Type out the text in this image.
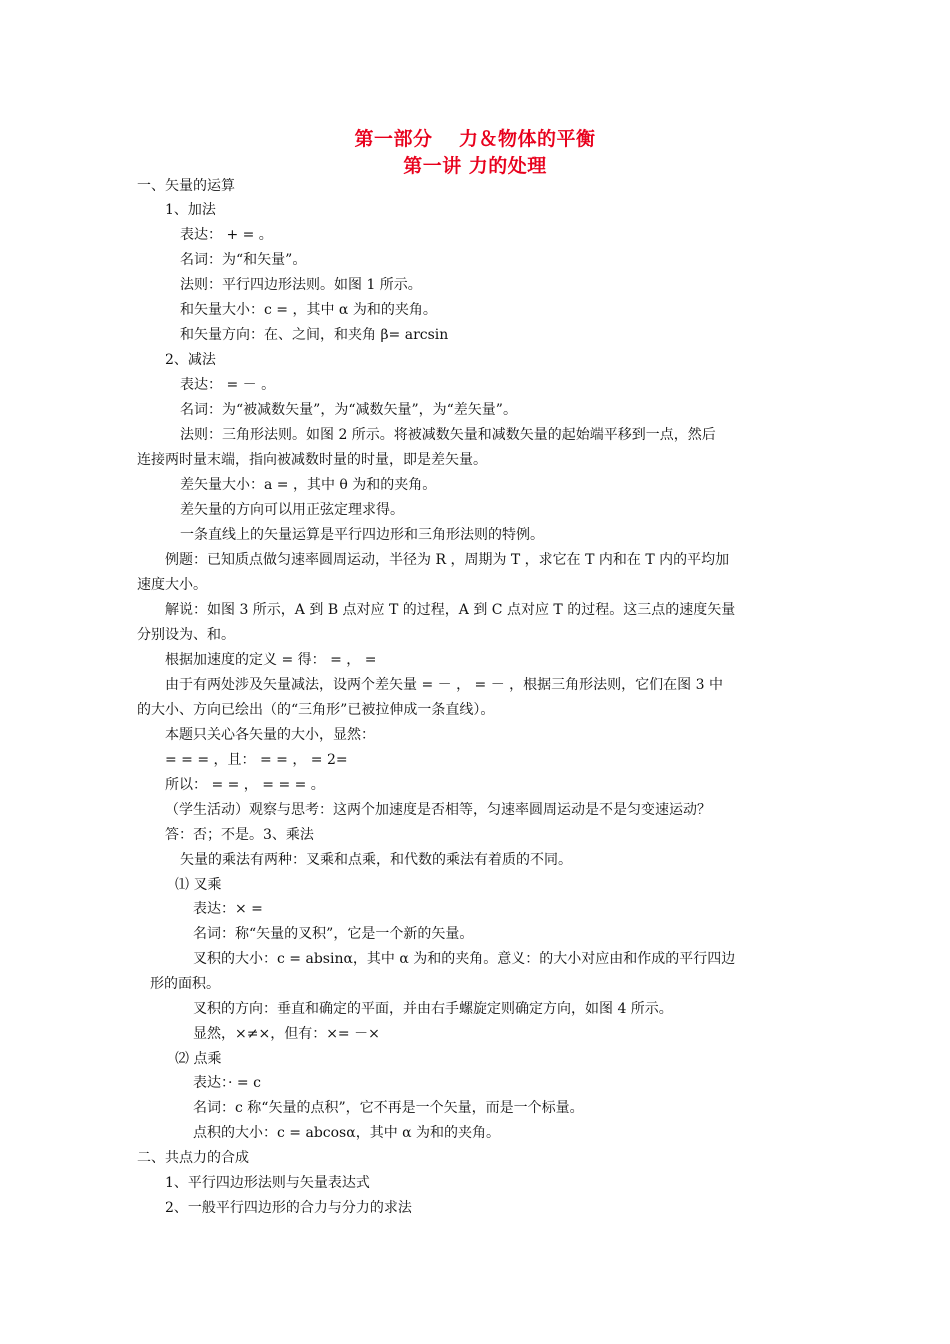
第一部分　 力＆物体的平衡
第一讲 力的处理
一、矢量的运算
1、加法
表达： + = 。
名词：为“和矢量”。
法则：平行四边形法则。如图 1 所示。
和矢量大小：c = ，其中 α 为和的夹角。
和矢量方向：在、之间，和夹角 β= arcsin
2、减法
表达： = － 。
名词：为“被减数矢量”，为“减数矢量”，为“差矢量”。
法则：三角形法则。如图 2 所示。将被减数矢量和减数矢量的起始端平移到一点，然后
连接两时量末端，指向被减数时量的时量，即是差矢量。
差矢量大小：a = ，其中 θ 为和的夹角。
差矢量的方向可以用正弦定理求得。
一条直线上的矢量运算是平行四边形和三角形法则的特例。
例题：已知质点做匀速率圆周运动，半径为 R ，周期为 T ，求它在 T 内和在 T 内的平均加
速度大小。
解说：如图 3 所示，A 到 B 点对应 T 的过程，A 到 C 点对应 T 的过程。这三点的速度矢量
分别设为、和。
根据加速度的定义 = 得： = ， =
由于有两处涉及矢量减法，设两个差矢量 = － ， = － ，根据三角形法则，它们在图 3 中
的大小、方向已绘出（的“三角形”已被拉伸成一条直线）。
本题只关心各矢量的大小，显然：
= = = ，且： = = ， = 2=
所以： = = ， = = = 。
（学生活动）观察与思考：这两个加速度是否相等，匀速率圆周运动是不是匀变速运动？
答：否；不是。3、乘法
矢量的乘法有两种：叉乘和点乘，和代数的乘法有着质的不同。
⑴ 叉乘
表达：× =
名词：称“矢量的叉积”，它是一个新的矢量。
叉积的大小：c = absinα，其中 α 为和的夹角。意义：的大小对应由和作成的平行四边
形的面积。
叉积的方向：垂直和确定的平面，并由右手螺旋定则确定方向，如图 4 所示。
显然，×≠×，但有：×= －×
⑵ 点乘
表达：· = c
名词：c 称“矢量的点积”，它不再是一个矢量，而是一个标量。
点积的大小：c = abcosα，其中 α 为和的夹角。
二、共点力的合成
1、平行四边形法则与矢量表达式
2、一般平行四边形的合力与分力的求法
